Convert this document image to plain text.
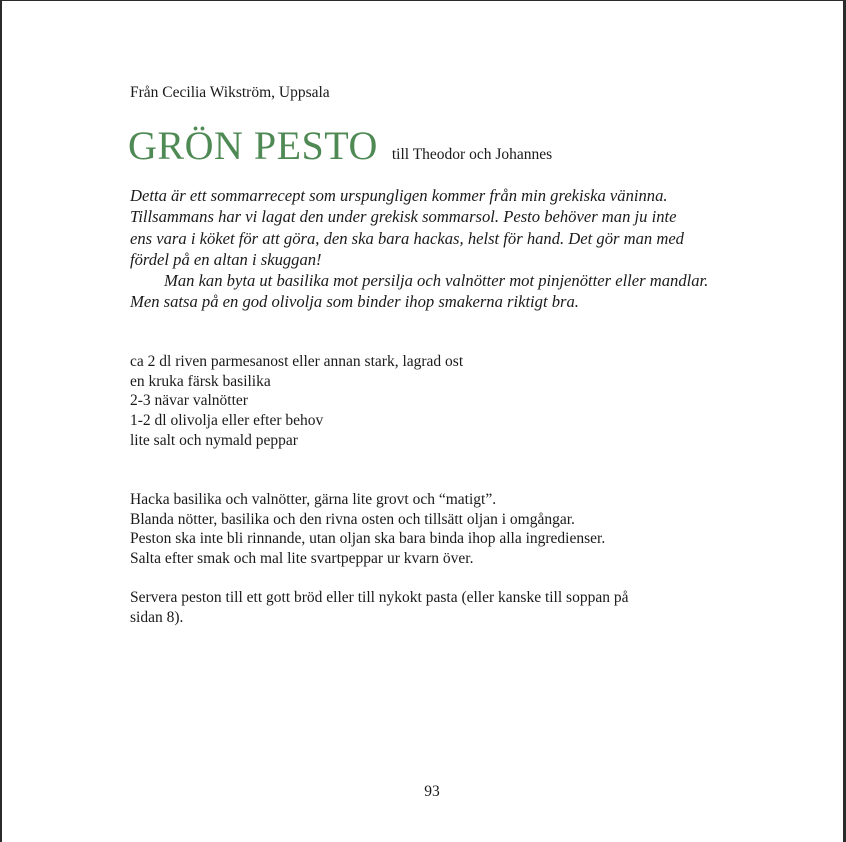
Från Cecilia Wikström, Uppsala
GRÖN PESTO till Theodor och Johannes

Detta är ett sommarrecept som urspungligen kommer från min grekiska väninna.

Tillsammans har vi lagat den under grekisk sommarsol. Pesto behöver man ju inte

ens vara i köket för att göra, den ska bara hackas, helst för hand. Det gör man med

fördel på en altan i skuggan!

Man kan byta ut basilika mot persilja och valnötter mot pinjenötter eller mandlar.

Men satsa på en god olivolja som binder ihop smakerna riktigt bra.

ca 2 dl riven parmesanost eller annan stark, lagrad ost
en kruka färsk basilika
2-3 nävar valnötter
1-2 dl olivolja eller efter behov
lite salt och nymald peppar
Hacka basilika och valnötter, gärna lite grovt och “matigt”.
Blanda nötter, basilika och den rivna osten och tillsätt oljan i omgångar.
Peston ska inte bli rinnande, utan oljan ska bara binda ihop alla ingredienser.
Salta efter smak och mal lite svartpeppar ur kvarn över.
Servera peston till ett gott bröd eller till nykokt pasta (eller kanske till soppan på
sidan 8).
93
